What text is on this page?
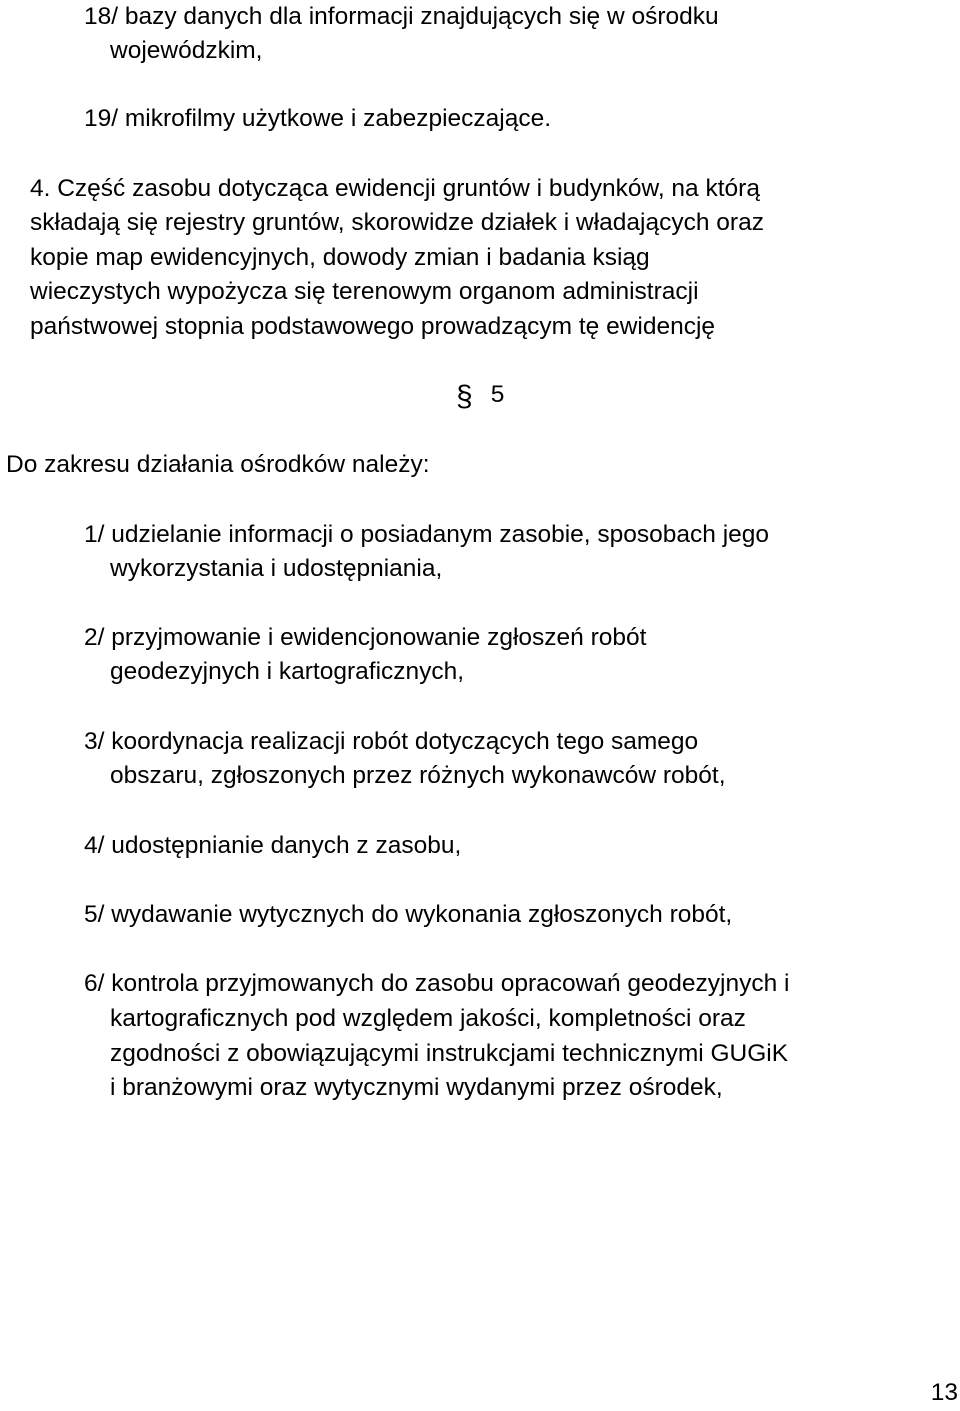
18/ bazy danych dla informacji znajdujących się w ośrodku
wojewódzkim,
19/ mikrofilmy użytkowe i zabezpieczające.
4. Część zasobu dotycząca ewidencji gruntów i budynków, na którą
składają się rejestry gruntów, skorowidze działek i władających oraz
kopie map ewidencyjnych, dowody zmian i badania ksiąg
wieczystych wypożycza się terenowym organom administracji
państwowej stopnia podstawowego prowadzącym tę ewidencję
§ 5
Do zakresu działania ośrodków należy:
1/ udzielanie informacji o posiadanym zasobie, sposobach jego
wykorzystania i udostępniania,
2/ przyjmowanie i ewidencjonowanie zgłoszeń robót
geodezyjnych i kartograficznych,
3/ koordynacja realizacji robót dotyczących tego samego
obszaru, zgłoszonych przez różnych wykonawców robót,
4/ udostępnianie danych z zasobu,
5/ wydawanie wytycznych do wykonania zgłoszonych robót,
6/ kontrola przyjmowanych do zasobu opracowań geodezyjnych i
kartograficznych pod względem jakości, kompletności oraz
zgodności z obowiązującymi instrukcjami technicznymi GUGiK
i branżowymi oraz wytycznymi wydanymi przez ośrodek,
13
